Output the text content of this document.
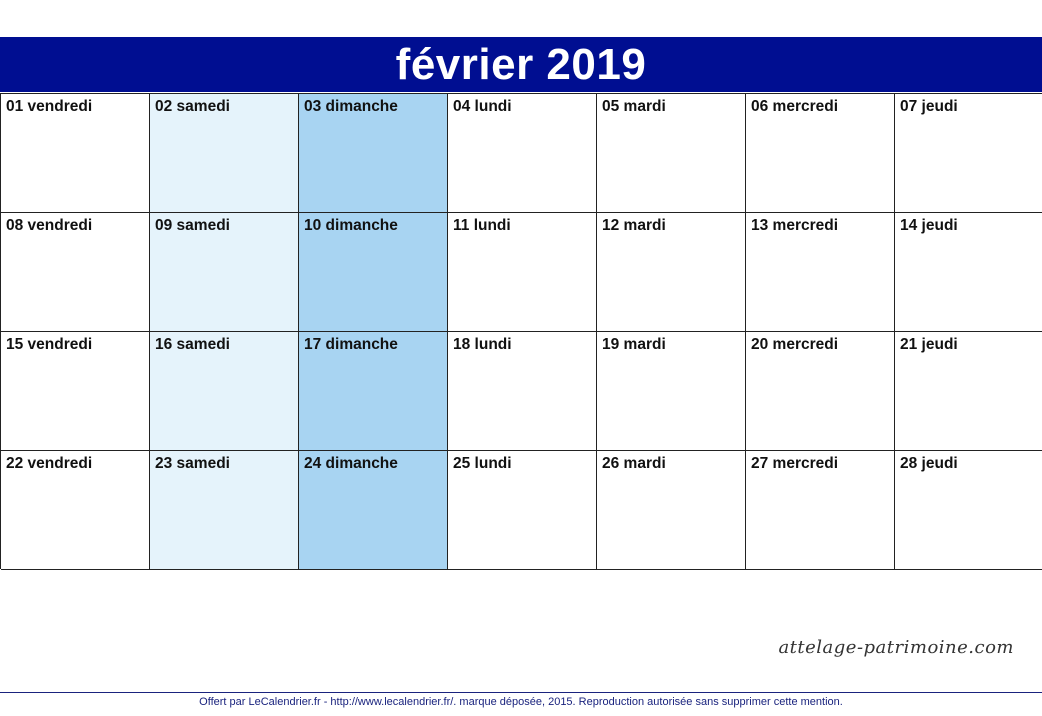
février 2019
01 vendredi	02 samedi	03 dimanche	04 lundi	05 mardi	06 mercredi	07 jeudi
08 vendredi	09 samedi	10 dimanche	11 lundi	12 mardi	13 mercredi	14 jeudi
15 vendredi	16 samedi	17 dimanche	18 lundi	19 mardi	20 mercredi	21 jeudi
22 vendredi	23 samedi	24 dimanche	25 lundi	26 mardi	27 mercredi	28 jeudi
attelage-patrimoine.com
Offert par LeCalendrier.fr - http://www.lecalendrier.fr/. marque déposée, 2015. Reproduction autorisée sans supprimer cette mention.
